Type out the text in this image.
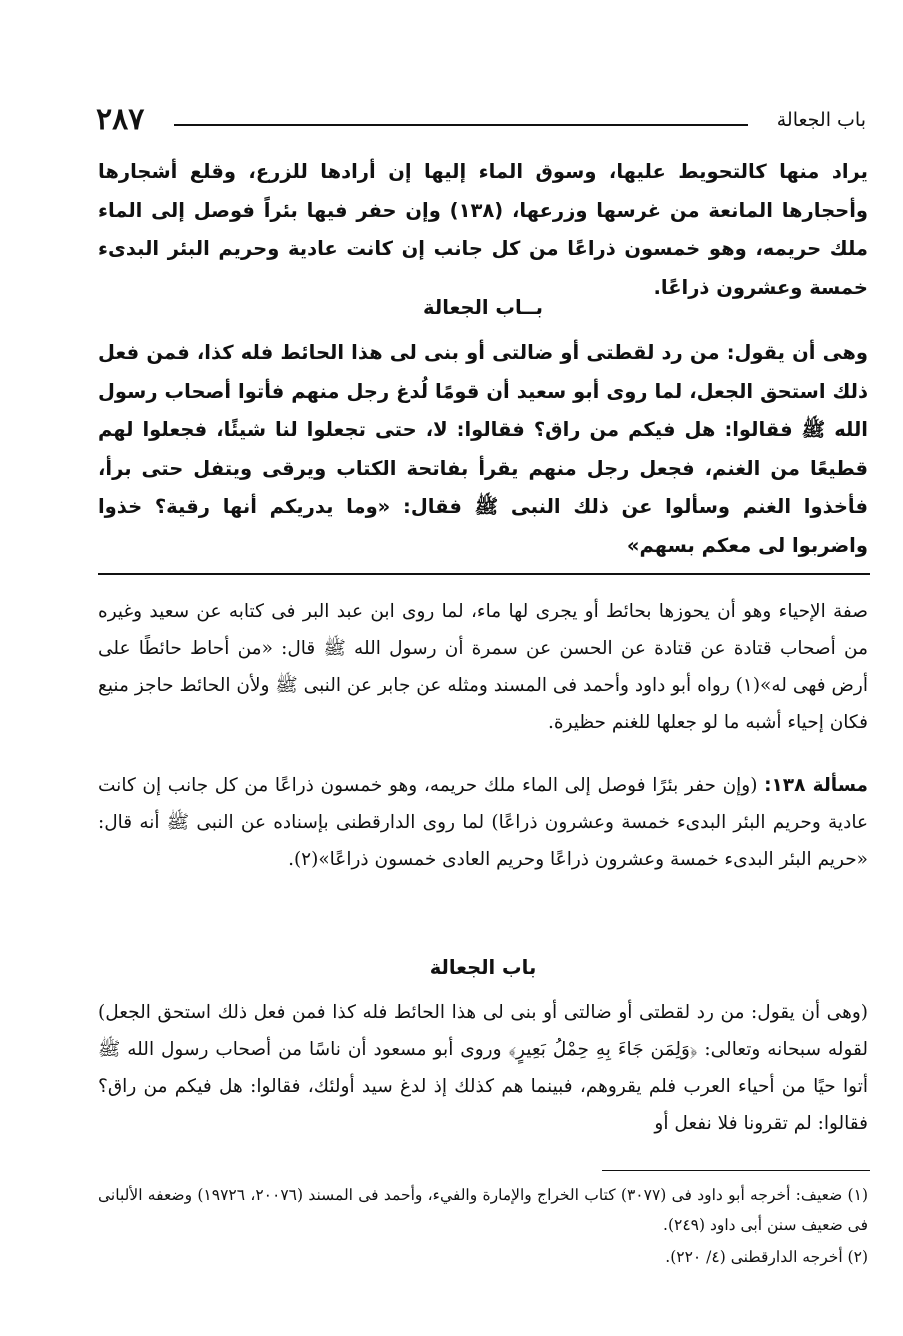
٢٨٧	باب الجعالة
يراد منها كالتحويط عليها، وسوق الماء إليها إن أرادها للزرع، وقلع أشجارها وأحجارها المانعة من غرسها وزرعها، (١٣٨) وإن حفر فيها بئراً فوصل إلى الماء ملك حريمه، وهو خمسون ذراعًا من كل جانب إن كانت عادية وحريم البئر البدىء خمسة وعشرون ذراعًا.
بــاب الجعالة
وهى أن يقول: من رد لقطتى أو ضالتى أو بنى لى هذا الحائط فله كذا، فمن فعل ذلك استحق الجعل، لما روى أبو سعيد أن قومًا لُدغ رجل منهم فأتوا أصحاب رسول الله ﷺ فقالوا: هل فيكم من راق؟ فقالوا: لا، حتى تجعلوا لنا شيئًا، فجعلوا لهم قطيعًا من الغنم، فجعل رجل منهم يقرأ بفاتحة الكتاب ويرقى ويتفل حتى برأ، فأخذوا الغنم وسألوا عن ذلك النبى ﷺ فقال: «وما يدريكم أنها رقية؟ خذوا واضربوا لى معكم بسهم»
صفة الإحياء وهو أن يحوزها بحائط أو يجرى لها ماء، لما روى ابن عبد البر فى كتابه عن سعيد وغيره من أصحاب قتادة عن قتادة عن الحسن عن سمرة أن رسول الله ﷺ قال: «من أحاط حائطًا على أرض فهى له»(١) رواه أبو داود وأحمد فى المسند ومثله عن جابر عن النبى ﷺ ولأن الحائط حاجز منيع فكان إحياء أشبه ما لو جعلها للغنم حظيرة.
مسألة ١٣٨: (وإن حفر بئرًا فوصل إلى الماء ملك حريمه، وهو خمسون ذراعًا من كل جانب إن كانت عادية وحريم البئر البدىء خمسة وعشرون ذراعًا) لما روى الدارقطنى بإسناده عن النبى ﷺ أنه قال: «حريم البئر البدىء خمسة وعشرون ذراعًا وحريم العادى خمسون ذراعًا»(٢).
باب الجعالة
(وهى أن يقول: من رد لقطتى أو ضالتى أو بنى لى هذا الحائط فله كذا فمن فعل ذلك استحق الجعل) لقوله سبحانه وتعالى: ﴿وَلِمَن جَاءَ بِهِ حِمْلُ بَعِيرٍ﴾ وروى أبو مسعود أن ناسًا من أصحاب رسول الله ﷺ أتوا حيًا من أحياء العرب فلم يقروهم، فبينما هم كذلك إذ لدغ سيد أولئك، فقالوا: هل فيكم من راق؟ فقالوا: لم تقرونا فلا نفعل أو
(١) ضعيف: أخرجه أبو داود فى (٣٠٧٧) كتاب الخراج والإمارة والفيء، وأحمد فى المسند (٢٠٠٧٦، ١٩٧٢٦) وضعفه الألبانى فى ضعيف سنن أبى داود (٢٤٩).
(٢) أخرجه الدارقطنى (٤/ ٢٢٠).
